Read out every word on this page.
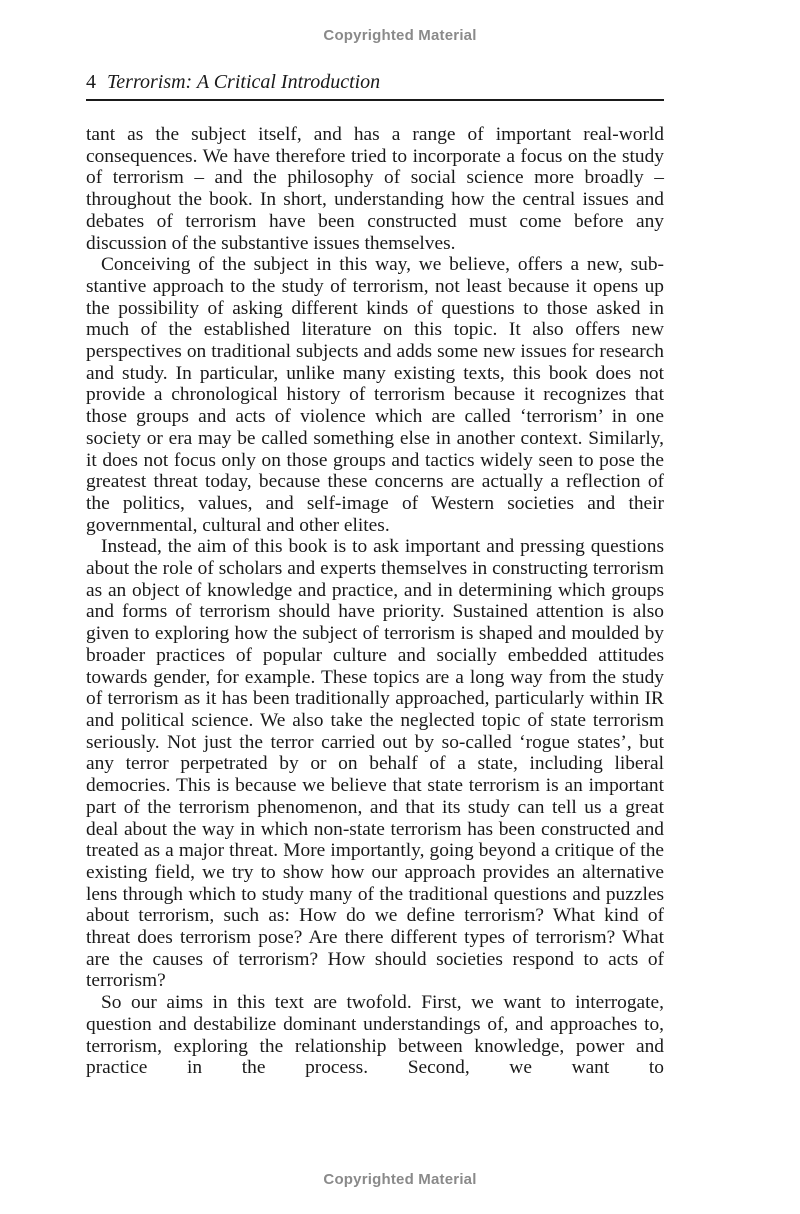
Copyrighted Material
4 Terrorism: A Critical Introduction

tant as the subject itself, and has a range of important real-world consequences. We have therefore tried to incorporate a focus on the study of terrorism – and the philosophy of social science more broadly – throughout the book. In short, understanding how the central issues and debates of terrorism have been constructed must come before any discussion of the substantive issues themselves.

Conceiving of the subject in this way, we believe, offers a new, substantive approach to the study of terrorism, not least because it opens up the possibility of asking different kinds of questions to those asked in much of the established literature on this topic. It also offers new perspectives on traditional subjects and adds some new issues for research and study. In particular, unlike many existing texts, this book does not provide a chronological history of terrorism because it recognizes that those groups and acts of violence which are called ‘terrorism’ in one society or era may be called something else in another context. Similarly, it does not focus only on those groups and tactics widely seen to pose the greatest threat today, because these concerns are actually a reflection of the politics, values, and self-image of Western societies and their governmental, cultural and other elites.

Instead, the aim of this book is to ask important and pressing questions about the role of scholars and experts themselves in constructing terrorism as an object of knowledge and practice, and in determining which groups and forms of terrorism should have priority. Sustained attention is also given to exploring how the subject of terrorism is shaped and moulded by broader practices of popular culture and socially embedded attitudes towards gender, for example. These topics are a long way from the study of terrorism as it has been traditionally approached, particularly within IR and political science. We also take the neglected topic of state terrorism seriously. Not just the terror carried out by so-called ‘rogue states’, but any terror perpetrated by or on behalf of a state, including liberal democries. This is because we believe that state terrorism is an important part of the terrorism phenomenon, and that its study can tell us a great deal about the way in which non-state terrorism has been constructed and treated as a major threat. More importantly, going beyond a critique of the existing field, we try to show how our approach provides an alternative lens through which to study many of the traditional questions and puzzles about terrorism, such as: How do we define terrorism? What kind of threat does terrorism pose? Are there different types of terrorism? What are the causes of terrorism? How should societies respond to acts of terrorism?

So our aims in this text are twofold. First, we want to interrogate, question and destabilize dominant understandings of, and approaches to, terrorism, exploring the relationship between knowledge, power and practice in the process. Second, we want to

Copyrighted Material
